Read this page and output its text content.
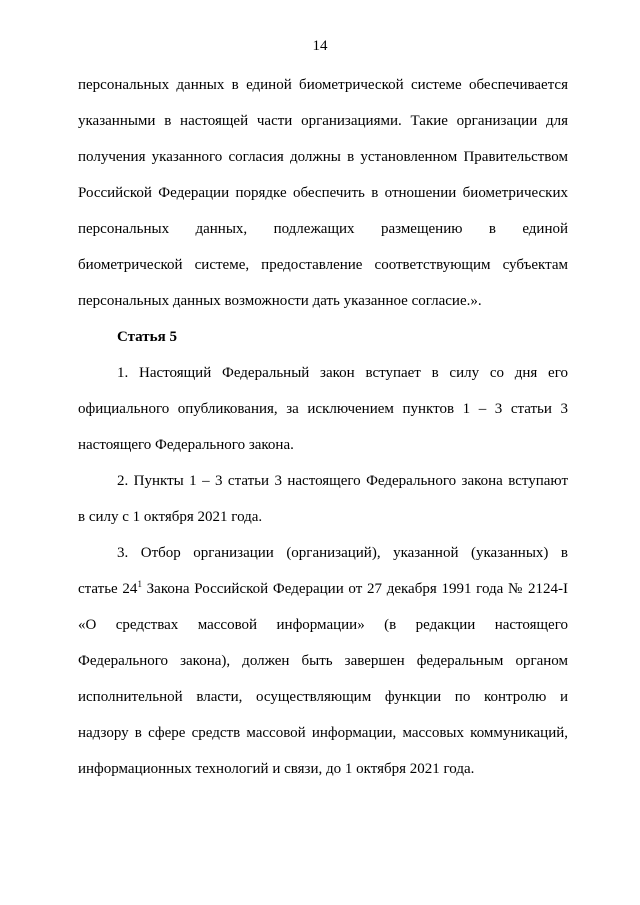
14
персональных данных в единой биометрической системе обеспечивается
указанными в настоящей части организациями. Такие организации для
получения указанного согласия должны в установленном Правительством
Российской Федерации порядке обеспечить в отношении биометрических
персональных данных, подлежащих размещению в единой
биометрической системе, предоставление соответствующим субъектам
персональных данных возможности дать указанное согласие.».
Статья 5
1. Настоящий Федеральный закон вступает в силу со дня его
официального опубликования, за исключением пунктов 1 – 3 статьи 3
настоящего Федерального закона.
2. Пункты 1 – 3 статьи 3 настоящего Федерального закона вступают
в силу с 1 октября 2021 года.
3. Отбор организации (организаций), указанной (указанных) в
статье $24^1$ Закона Российской Федерации от 27 декабря 1991 года № 2124-I
«О средствах массовой информации» (в редакции настоящего
Федерального закона), должен быть завершен федеральным органом
исполнительной власти, осуществляющим функции по контролю и
надзору в сфере средств массовой информации, массовых коммуникаций,
информационных технологий и связи, до 1 октября 2021 года.
